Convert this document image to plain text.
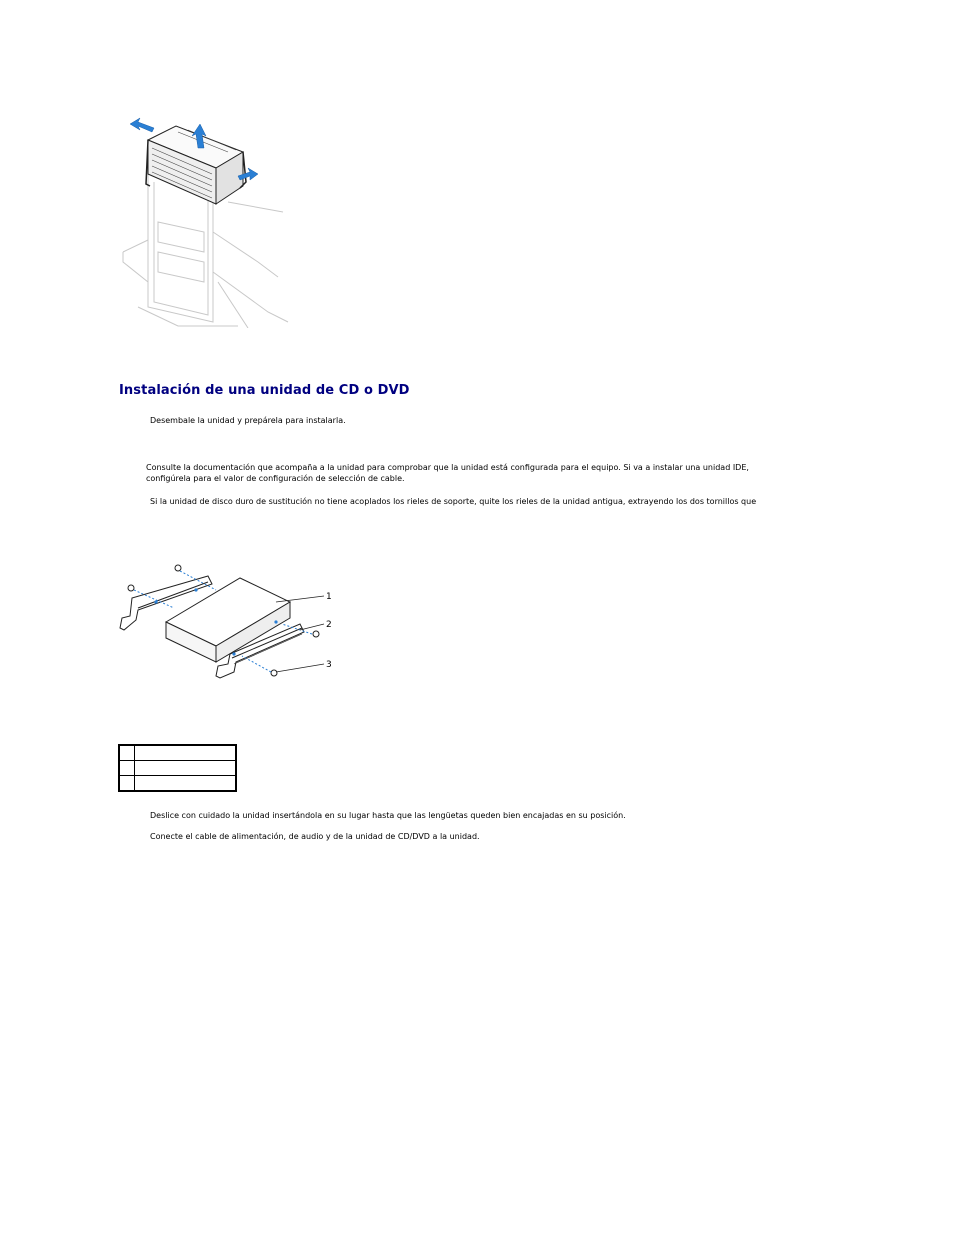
Instalación de una unidad de CD o DVD

Desembale la unidad y prepárela para instalarla.

Consulte la documentación que acompaña a la unidad para comprobar que la unidad está configurada para el equipo. Si va a instalar una unidad IDE,

configúrela para el valor de configuración de selección de cable.

Si la unidad de disco duro de sustitución no tiene acoplados los rieles de soporte, quite los rieles de la unidad antigua, extrayendo los dos tornillos que

1
2
3

Deslice con cuidado la unidad insertándola en su lugar hasta que las lengüetas queden bien encajadas en su posición.

Conecte el cable de alimentación, de audio y de la unidad de CD/DVD a la unidad.
